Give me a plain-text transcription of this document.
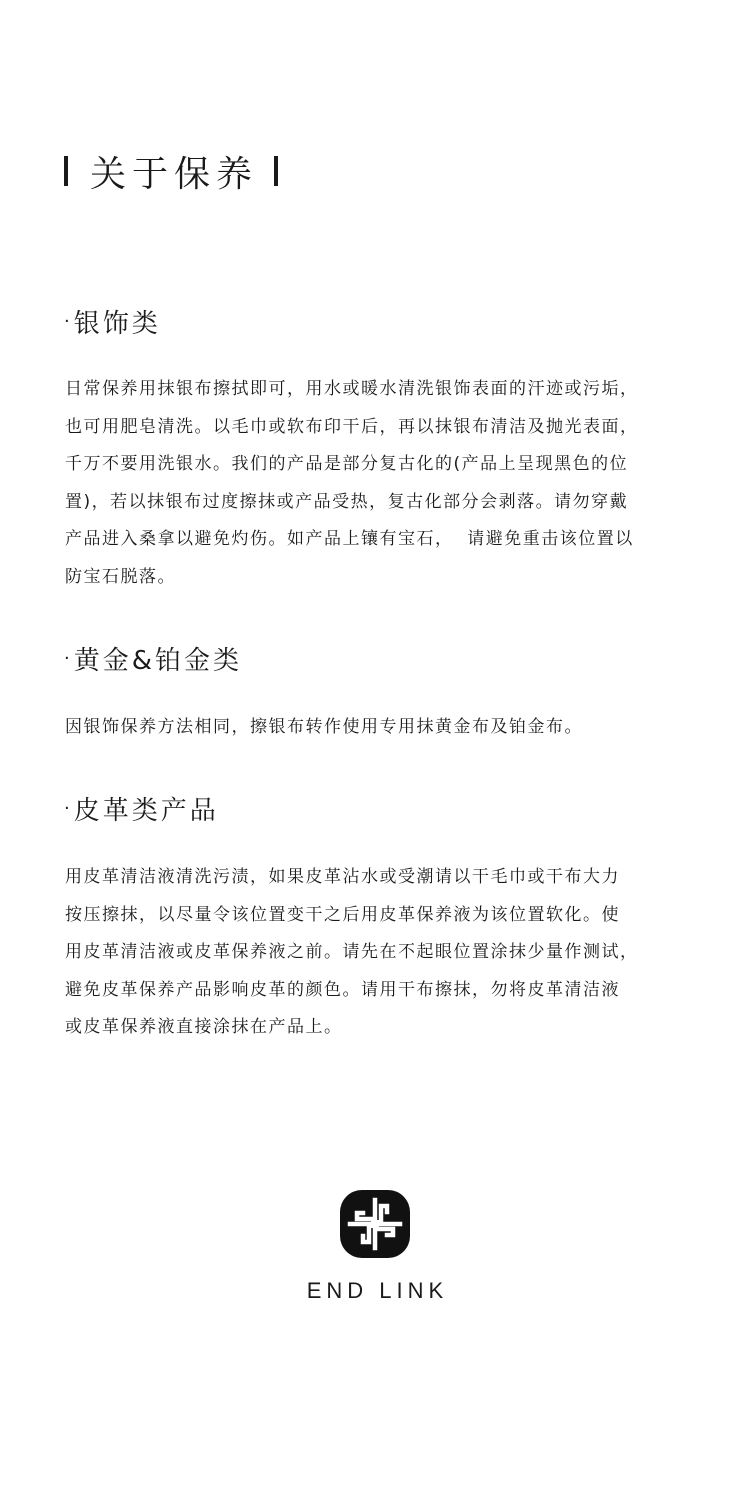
关于保养
· 银饰类

日常保养用抹银布擦拭即可，用水或暖水清洗银饰表面的汗迹或污垢，

也可用肥皂清洗。以毛巾或软布印干后，再以抹银布清洁及抛光表面，

千万不要用洗银水。我们的产品是部分复古化的(产品上呈现黑色的位

置)，若以抹银布过度擦抹或产品受热，复古化部分会剥落。请勿穿戴

产品进入桑拿以避免灼伤。如产品上镶有宝石，  请避免重击该位置以

防宝石脱落。

· 黄金&铂金类

因银饰保养方法相同，擦银布转作使用专用抹黄金布及铂金布。

· 皮革类产品

用皮革清洁液清洗污渍，如果皮革沾水或受潮请以干毛巾或干布大力

按压擦抹，以尽量令该位置变干之后用皮革保养液为该位置软化。使

用皮革清洁液或皮革保养液之前。请先在不起眼位置涂抹少量作测试，

避免皮革保养产品影响皮革的颜色。请用干布擦抹，勿将皮革清洁液

或皮革保养液直接涂抹在产品上。

END LINK
